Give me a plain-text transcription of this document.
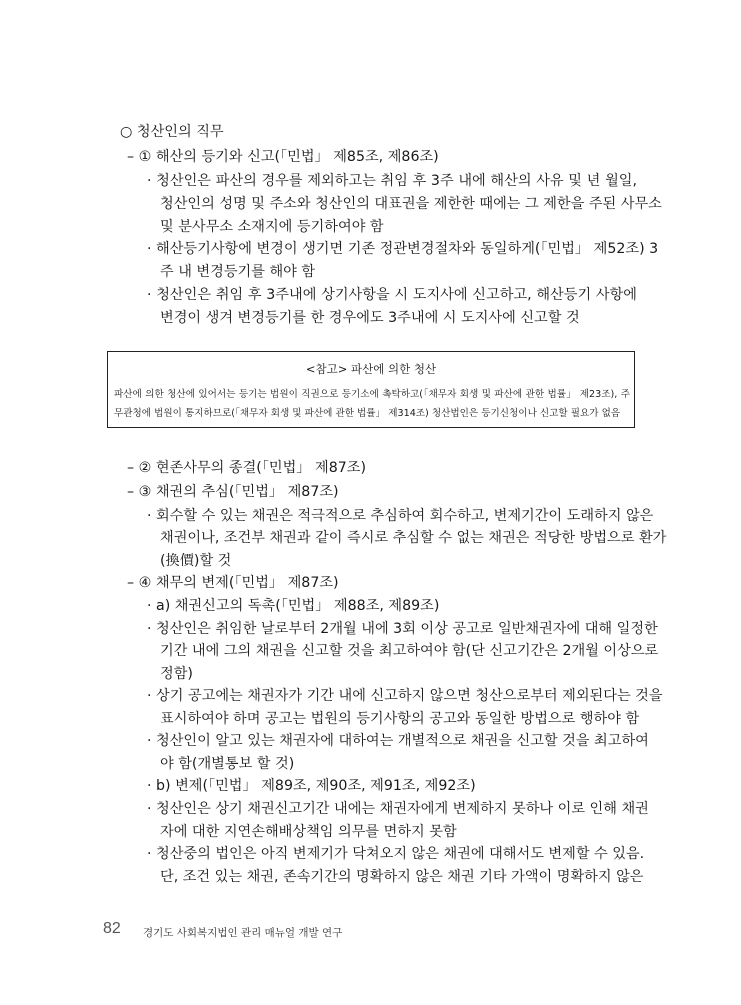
○ 청산인의 직무
– ① 해산의 등기와 신고(「민법」 제85조, 제86조)
· 청산인은 파산의 경우를 제외하고는 취임 후 3주 내에 해산의 사유 및 년 월일,
청산인의 성명 및 주소와 청산인의 대표권을 제한한 때에는 그 제한을 주된 사무소
및 분사무소 소재지에 등기하여야 함
· 해산등기사항에 변경이 생기면 기존 정관변경절차와 동일하게(「민법」 제52조) 3
주 내 변경등기를 해야 함
· 청산인은 취임 후 3주내에 상기사항을 시 도지사에 신고하고, 해산등기 사항에
변경이 생겨 변경등기를 한 경우에도 3주내에 시 도지사에 신고할 것
<참고> 파산에 의한 청산
파산에 의한 청산에 있어서는 등기는 법원이 직권으로 등기소에 촉탁하고(「채무자 회생 및 파산에 관한 법률」 제23조), 주
무관청에 법원이 통지하므로(「채무자 회생 및 파산에 관한 법률」 제314조) 청산법인은 등기신청이나 신고할 필요가 없음
– ② 현존사무의 종결(「민법」 제87조)
– ③ 채권의 추심(「민법」 제87조)
· 회수할 수 있는 채권은 적극적으로 추심하여 회수하고, 변제기간이 도래하지 않은
채권이나, 조건부 채권과 같이 즉시로 추심할 수 없는 채권은 적당한 방법으로 환가
(換價)할 것
– ④ 채무의 변제(「민법」 제87조)
· a) 채권신고의 독촉(「민법」 제88조, 제89조)
· 청산인은 취임한 날로부터 2개월 내에 3회 이상 공고로 일반채권자에 대해 일정한
기간 내에 그의 채권을 신고할 것을 최고하여야 함(단 신고기간은 2개월 이상으로
정함)
· 상기 공고에는 채권자가 기간 내에 신고하지 않으면 청산으로부터 제외된다는 것을
표시하여야 하며 공고는 법원의 등기사항의 공고와 동일한 방법으로 행하야 함
· 청산인이 알고 있는 채권자에 대하여는 개별적으로 채권을 신고할 것을 최고하여
야 함(개별통보 할 것)
· b) 변제(「민법」 제89조, 제90조, 제91조, 제92조)
· 청산인은 상기 채권신고기간 내에는 채권자에게 변제하지 못하나 이로 인해 채권
자에 대한 지연손해배상책임 의무를 면하지 못함
· 청산중의 법인은 아직 변제기가 닥쳐오지 않은 채권에 대해서도 변제할 수 있음.
단, 조건 있는 채권, 존속기간의 명확하지 않은 채권 기타 가액이 명확하지 않은
82 경기도 사회복지법인 관리 매뉴얼 개발 연구
